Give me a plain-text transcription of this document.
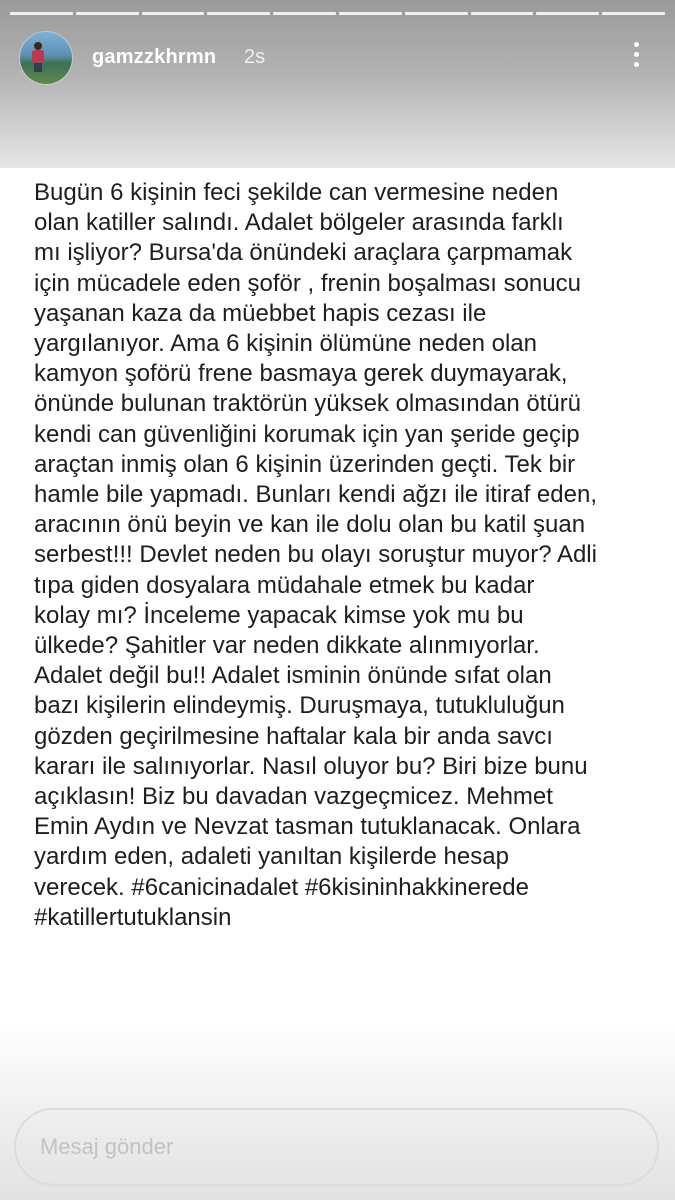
gamzzkhrmn 2s

Bugün 6 kişinin feci şekilde can vermesine neden
olan katiller salındı. Adalet bölgeler arasında farklı
mı işliyor? Bursa'da önündeki araçlara çarpmamak
için mücadele eden şoför , frenin boşalması sonucu
yaşanan kaza da müebbet hapis cezası ile
yargılanıyor. Ama 6 kişinin ölümüne neden olan
kamyon şoförü frene basmaya gerek duymayarak,
önünde bulunan traktörün yüksek olmasından ötürü
kendi can güvenliğini korumak için yan şeride geçip
araçtan inmiş olan 6 kişinin üzerinden geçti. Tek bir
hamle bile yapmadı. Bunları kendi ağzı ile itiraf eden,
aracının önü beyin ve kan ile dolu olan bu katil şuan
serbest!!! Devlet neden bu olayı soruştur muyor? Adli
tıpa giden dosyalara müdahale etmek bu kadar
kolay mı? İnceleme yapacak kimse yok mu bu
ülkede? Şahitler var neden dikkate alınmıyorlar.
Adalet değil bu!! Adalet isminin önünde sıfat olan
bazı kişilerin elindeymiş. Duruşmaya, tutukluluğun
gözden geçirilmesine haftalar kala bir anda savcı
kararı ile salınıyorlar. Nasıl oluyor bu? Biri bize bunu
açıklasın! Biz bu davadan vazgeçmicez. Mehmet
Emin Aydın ve Nevzat tasman tutuklanacak. Onlara
yardım eden, adaleti yanıltan kişilerde hesap
verecek. #6canicinadalet #6kisininhakkinerede
#katillertutuklansin

Mesaj gönder
